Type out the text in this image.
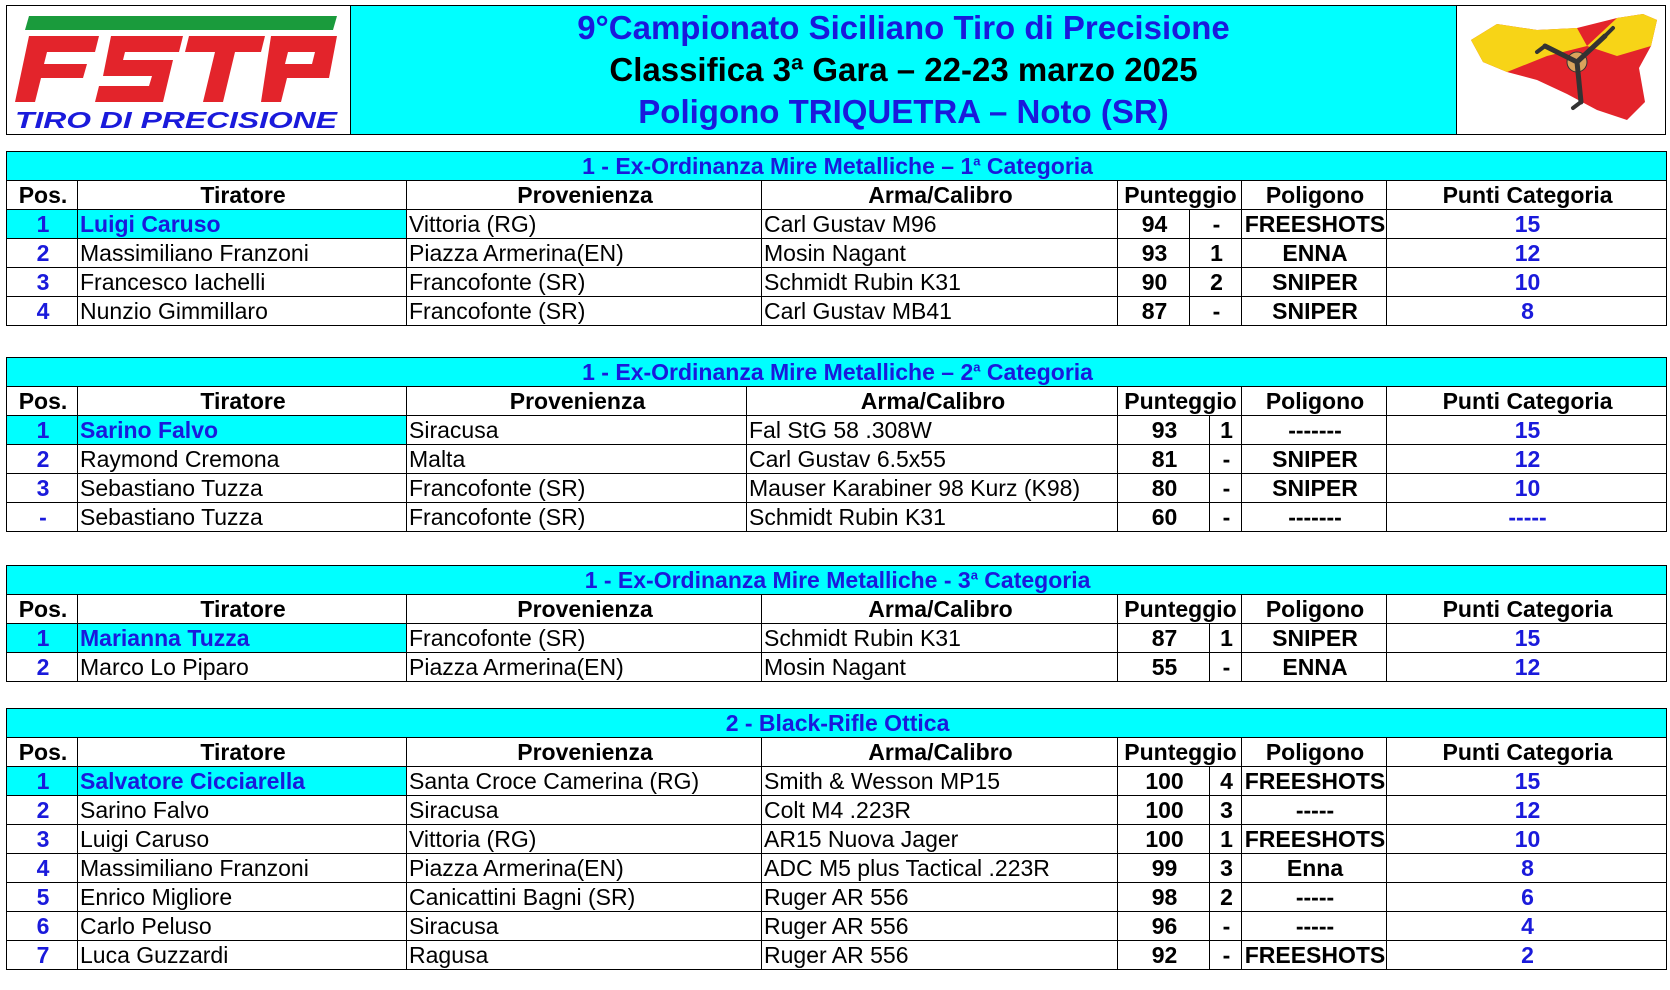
TIRO DI PRECISIONE
9°Campionato Siciliano Tiro di Precisione
Classifica 3ª Gara – 22-23 marzo 2025
Poligono TRIQUETRA – Noto (SR)
1 - Ex-Ordinanza Mire Metalliche – 1$^a$ Categoria							
Pos.	Tiratore	Provenienza	Arma/Calibro	Punteggio		Poligono	Punti Categoria
1	Luigi Caruso	Vittoria (RG)	Carl Gustav M96	94	-	FREESHOTS	15
2	Massimiliano Franzoni	Piazza Armerina(EN)	Mosin Nagant	93	1	ENNA	12
3	Francesco Iachelli	Francofonte (SR)	Schmidt Rubin K31	90	2	SNIPER	10
4	Nunzio Gimmillaro	Francofonte (SR)	Carl Gustav MB41	87	-	SNIPER	8
1 - Ex-Ordinanza Mire Metalliche – 2$^a$ Categoria							
Pos.	Tiratore	Provenienza	Arma/Calibro	Punteggio		Poligono	Punti Categoria
1	Sarino Falvo	Siracusa	Fal StG 58 .308W	93	1	-------	15
2	Raymond Cremona	Malta	Carl Gustav 6.5x55	81	-	SNIPER	12
3	Sebastiano Tuzza	Francofonte (SR)	Mauser Karabiner 98 Kurz (K98)	80	-	SNIPER	10
-	Sebastiano Tuzza	Francofonte (SR)	Schmidt Rubin K31	60	-	-------	-----
1 - Ex-Ordinanza Mire Metalliche - 3$^a$ Categoria							
Pos.	Tiratore	Provenienza	Arma/Calibro	Punteggio		Poligono	Punti Categoria
1	Marianna Tuzza	Francofonte (SR)	Schmidt Rubin K31	87	1	SNIPER	15
2	Marco Lo Piparo	Piazza Armerina(EN)	Mosin Nagant	55	-	ENNA	12
2 - Black-Rifle Ottica							
Pos.	Tiratore	Provenienza	Arma/Calibro	Punteggio		Poligono	Punti Categoria
1	Salvatore Cicciarella	Santa Croce Camerina (RG)	Smith & Wesson MP15	100	4	FREESHOTS	15
2	Sarino Falvo	Siracusa	Colt M4 .223R	100	3	-----	12
3	Luigi Caruso	Vittoria (RG)	AR15 Nuova Jager	100	1	FREESHOTS	10
4	Massimiliano Franzoni	Piazza Armerina(EN)	ADC M5 plus Tactical .223R	99	3	Enna	8
5	Enrico Migliore	Canicattini Bagni (SR)	Ruger AR 556	98	2	-----	6
6	Carlo Peluso	Siracusa	Ruger AR 556	96	-	-----	4
7	Luca Guzzardi	Ragusa	Ruger AR 556	92	-	FREESHOTS	2
